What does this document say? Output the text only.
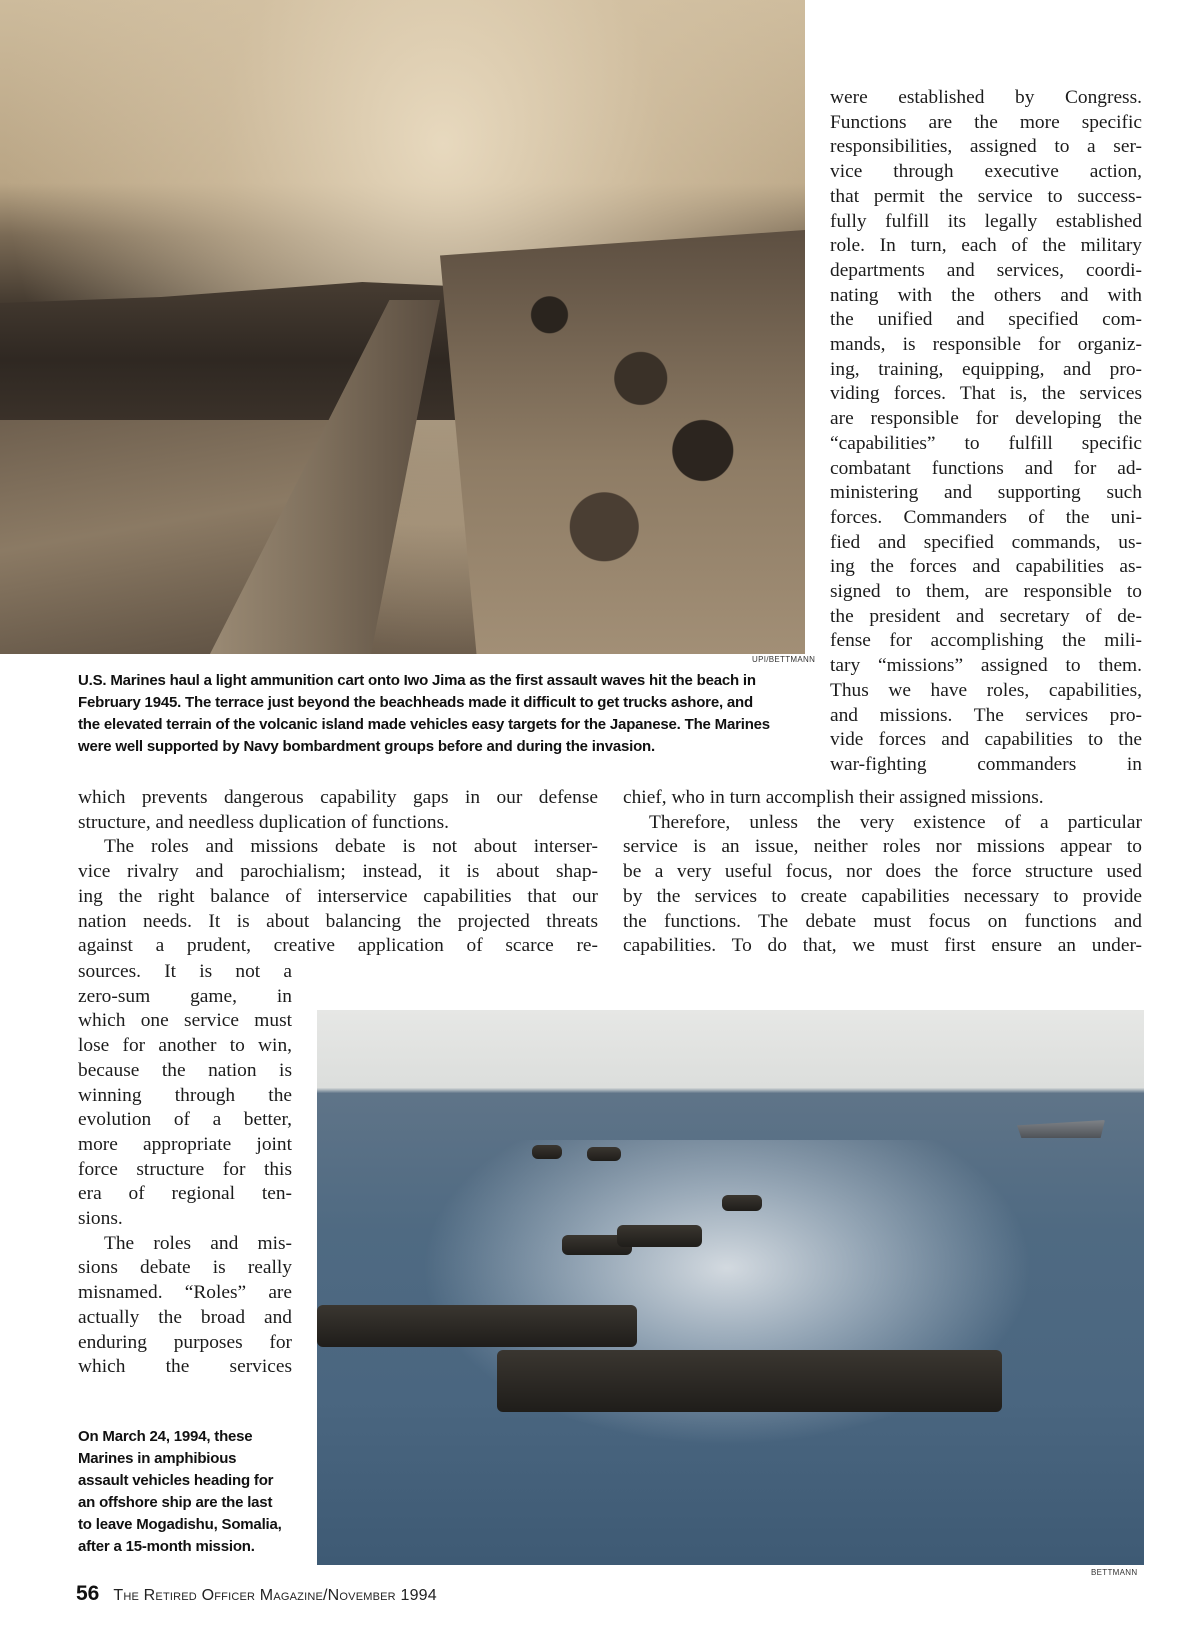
UPI/BETTMANN
U.S. Marines haul a light ammunition cart onto Iwo Jima as the first assault waves hit the beach in
February 1945. The terrace just beyond the beachheads made it difficult to get trucks ashore, and
the elevated terrain of the volcanic island made vehicles easy targets for the Japanese. The Marines
were well supported by Navy bombardment groups before and during the invasion.
were established by Congress.
Functions are the more specific
responsibilities, assigned to a ser-
vice through executive action,
that permit the service to success-
fully fulfill its legally established
role. In turn, each of the military
departments and services, coordi-
nating with the others and with
the unified and specified com-
mands, is responsible for organiz-
ing, training, equipping, and pro-
viding forces. That is, the services
are responsible for developing the
“capabilities” to fulfill specific
combatant functions and for ad-
ministering and supporting such
forces. Commanders of the uni-
fied and specified commands, us-
ing the forces and capabilities as-
signed to them, are responsible to
the president and secretary of de-
fense for accomplishing the mili-
tary “missions” assigned to them.
Thus we have roles, capabilities,
and missions. The services pro-
vide forces and capabilities to the
war-fighting commanders in
which prevents dangerous capability gaps in our defense
structure, and needless duplication of functions.
The roles and missions debate is not about interser-
vice rivalry and parochialism; instead, it is about shap-
ing the right balance of interservice capabilities that our
nation needs. It is about balancing the projected threats
against a prudent, creative application of scarce re-
chief, who in turn accomplish their assigned missions.
Therefore, unless the very existence of a particular
service is an issue, neither roles nor missions appear to
be a very useful focus, nor does the force structure used
by the services to create capabilities necessary to provide
the functions. The debate must focus on functions and
capabilities. To do that, we must first ensure an under-
sources. It is not a
zero-sum game, in
which one service must
lose for another to win,
because the nation is
winning through the
evolution of a better,
more appropriate joint
force structure for this
era of regional ten-
sions.
The roles and mis-
sions debate is really
misnamed. “Roles” are
actually the broad and
enduring purposes for
which the services
BETTMANN
On March 24, 1994, these
Marines in amphibious
assault vehicles heading for
an offshore ship are the last
to leave Mogadishu, Somalia,
after a 15-month mission.
56 The Retired Officer Magazine/November 1994
